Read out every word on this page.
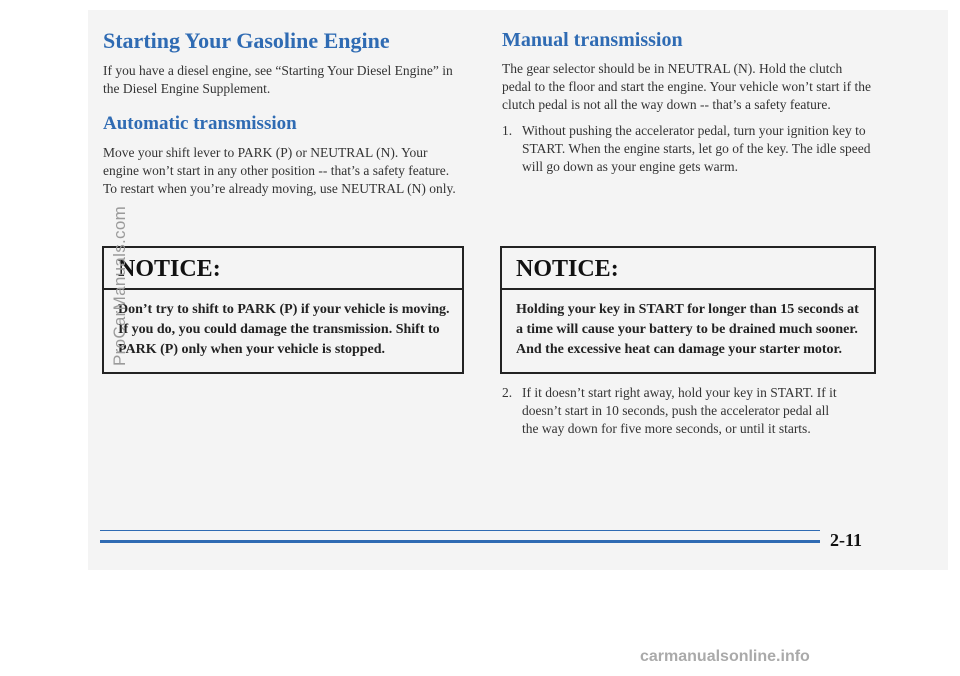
Starting Your Gasoline Engine

If you have a diesel engine, see “Starting Your Diesel Engine” in the Diesel Engine Supplement.

Automatic transmission

Move your shift lever to PARK (P) or NEUTRAL (N). Your engine won’t start in any other position -- that’s a safety feature. To restart when you’re already moving, use NEUTRAL (N) only.

NOTICE:
Don’t try to shift to PARK (P) if your vehicle is moving. If you do, you could damage the transmission. Shift to PARK (P) only when your vehicle is stopped.
Manual transmission

The gear selector should be in NEUTRAL (N). Hold the clutch pedal to the floor and start the engine. Your vehicle won’t start if the clutch pedal is not all the way down -- that’s a safety feature.

1. Without pushing the accelerator pedal, turn your ignition key to START. When the engine starts, let go of the key. The idle speed will go down as your engine gets warm.
NOTICE:
Holding your key in START for longer than 15 seconds at a time will cause your battery to be drained much sooner. And the excessive heat can damage your starter motor.
2. If it doesn’t start right away, hold your key in START. If it doesn’t start in 10 seconds, push the accelerator pedal all the way down for five more seconds, or until it starts.
2-11
ProCarManuals.com
carmanualsonline.info
